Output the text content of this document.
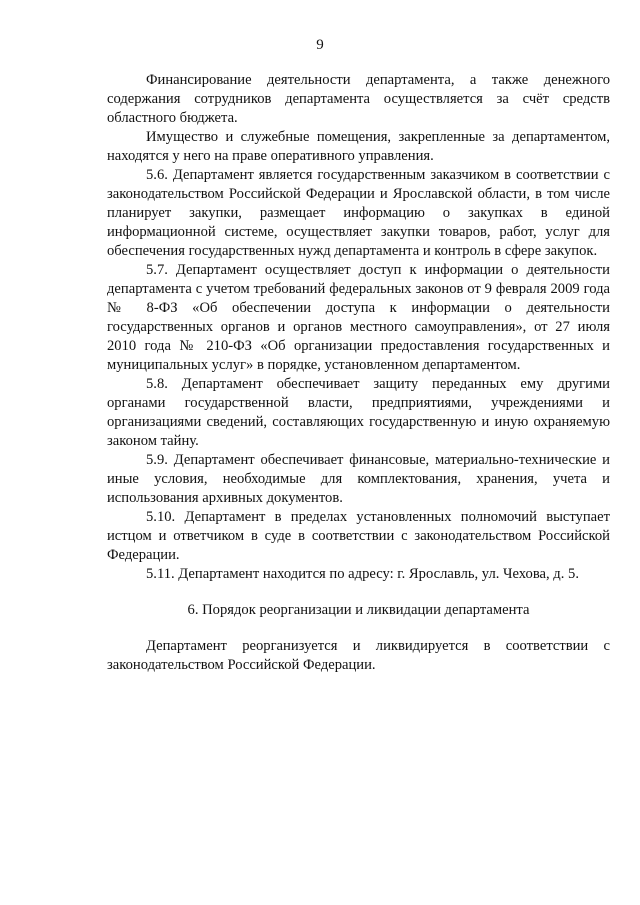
9

Финансирование деятельности департамента, а также денежного содержания сотрудников департамента осуществляется за счёт средств областного бюджета.

Имущество и служебные помещения, закрепленные за департаментом, находятся у него на праве оперативного управления.

5.6. Департамент является государственным заказчиком в соответствии с законодательством Российской Федерации и Ярославской области, в том числе планирует закупки, размещает информацию о закупках в единой информационной системе, осуществляет закупки товаров, работ, услуг для обеспечения государственных нужд департамента и контроль в сфере закупок.

5.7. Департамент осуществляет доступ к информации о деятельности департамента с учетом требований федеральных законов от 9 февраля 2009 года № 8-ФЗ «Об обеспечении доступа к информации о деятельности государственных органов и органов местного самоуправления», от 27 июля 2010 года № 210-ФЗ «Об организации предоставления государственных и муниципальных услуг» в порядке, установленном департаментом.

5.8. Департамент обеспечивает защиту переданных ему другими органами государственной власти, предприятиями, учреждениями и организациями сведений, составляющих государственную и иную охраняемую законом тайну.

5.9. Департамент обеспечивает финансовые, материально-технические и иные условия, необходимые для комплектования, хранения, учета и использования архивных документов.

5.10. Департамент в пределах установленных полномочий выступает истцом и ответчиком в суде в соответствии с законодательством Российской Федерации.

5.11. Департамент находится по адресу: г. Ярославль, ул. Чехова, д. 5.

6. Порядок реорганизации и ликвидации департамента

Департамент реорганизуется и ликвидируется в соответствии с законодательством Российской Федерации.
